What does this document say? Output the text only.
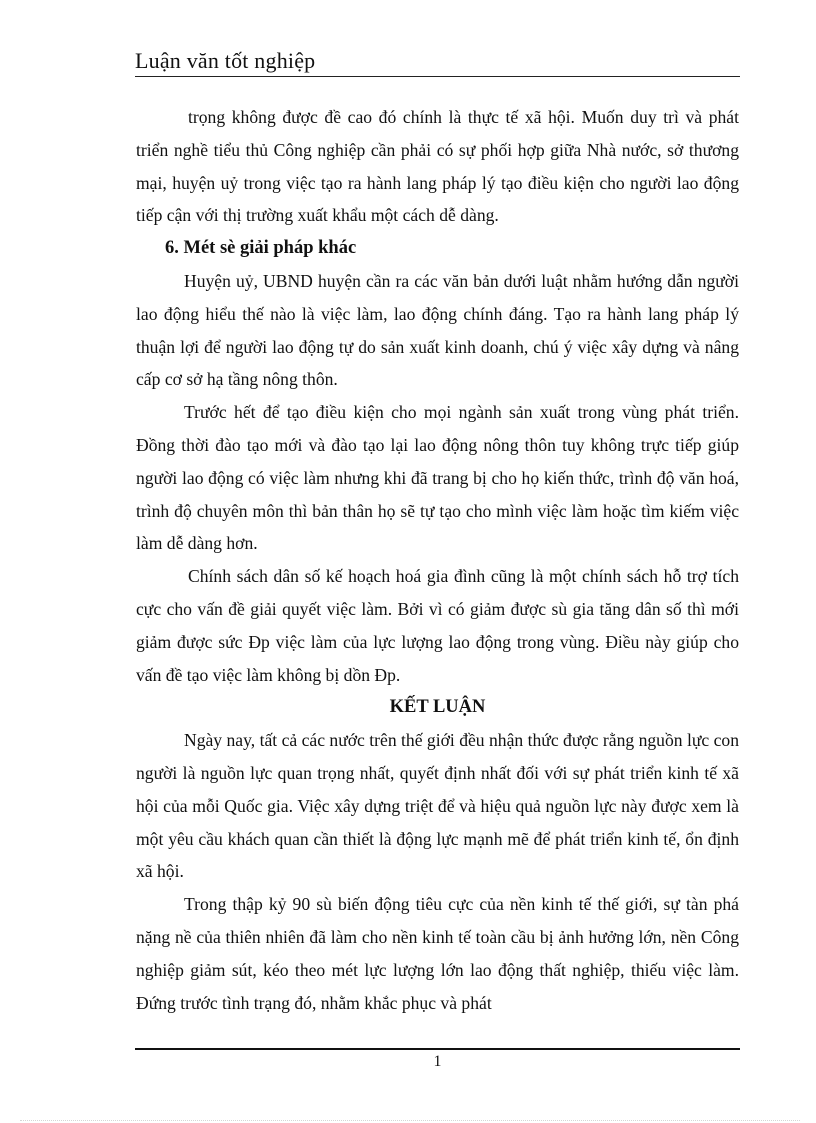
Luận văn tốt nghiệp

trọng không được đề cao đó chính là thực tế xã hội. Muốn duy trì và phát triển nghề tiểu thủ Công nghiệp cần phải có sự phối hợp giữa Nhà nước, sở thương mại, huyện uỷ trong việc tạo ra hành lang pháp lý tạo điều kiện cho người lao động tiếp cận với thị trường xuất khẩu một cách dễ dàng.

6. Mét sè giải pháp khác

Huyện uỷ, UBND huyện cần ra các văn bản dưới luật nhằm hướng dẫn người lao động hiểu thế nào là việc làm, lao động chính đáng. Tạo ra hành lang pháp lý thuận lợi để người lao động tự do sản xuất kinh doanh, chú ý việc xây dựng và nâng cấp cơ sở hạ tầng nông thôn.

Trước hết để tạo điều kiện cho mọi ngành sản xuất trong vùng phát triển. Đồng thời đào tạo mới và đào tạo lại lao động nông thôn tuy không trực tiếp giúp người lao động có việc làm nhưng khi đã trang bị cho họ kiến thức, trình độ văn hoá, trình độ chuyên môn thì bản thân họ sẽ tự tạo cho mình việc làm hoặc tìm kiếm việc làm dễ dàng hơn.

Chính sách dân số kế hoạch hoá gia đình cũng là một chính sách hỗ trợ tích cực cho vấn đề giải quyết việc làm. Bởi vì có giảm được sù gia tăng dân số thì mới giảm được sức Ðp việc làm của lực lượng lao động trong vùng. Điều này giúp cho vấn đề tạo việc làm không bị dồn Ðp.

KẾT LUẬN

Ngày nay, tất cả các nước trên thế giới đều nhận thức được rằng nguồn lực con người là nguồn lực quan trọng nhất, quyết định nhất đối với sự phát triển kinh tế xã hội của mỗi Quốc gia. Việc xây dựng triệt để và hiệu quả nguồn lực này được xem là một yêu cầu khách quan cần thiết là động lực mạnh mẽ để phát triển kinh tế, ổn định xã hội.

Trong thập kỷ 90 sù biến động tiêu cực của nền kinh tế thế giới, sự tàn phá nặng nề của thiên nhiên đã làm cho nền kinh tế toàn cầu bị ảnh hưởng lớn, nền Công nghiệp giảm sút, kéo theo mét lực lượng lớn lao động thất nghiệp, thiếu việc làm. Đứng trước tình trạng đó, nhằm khắc phục và phát

1
